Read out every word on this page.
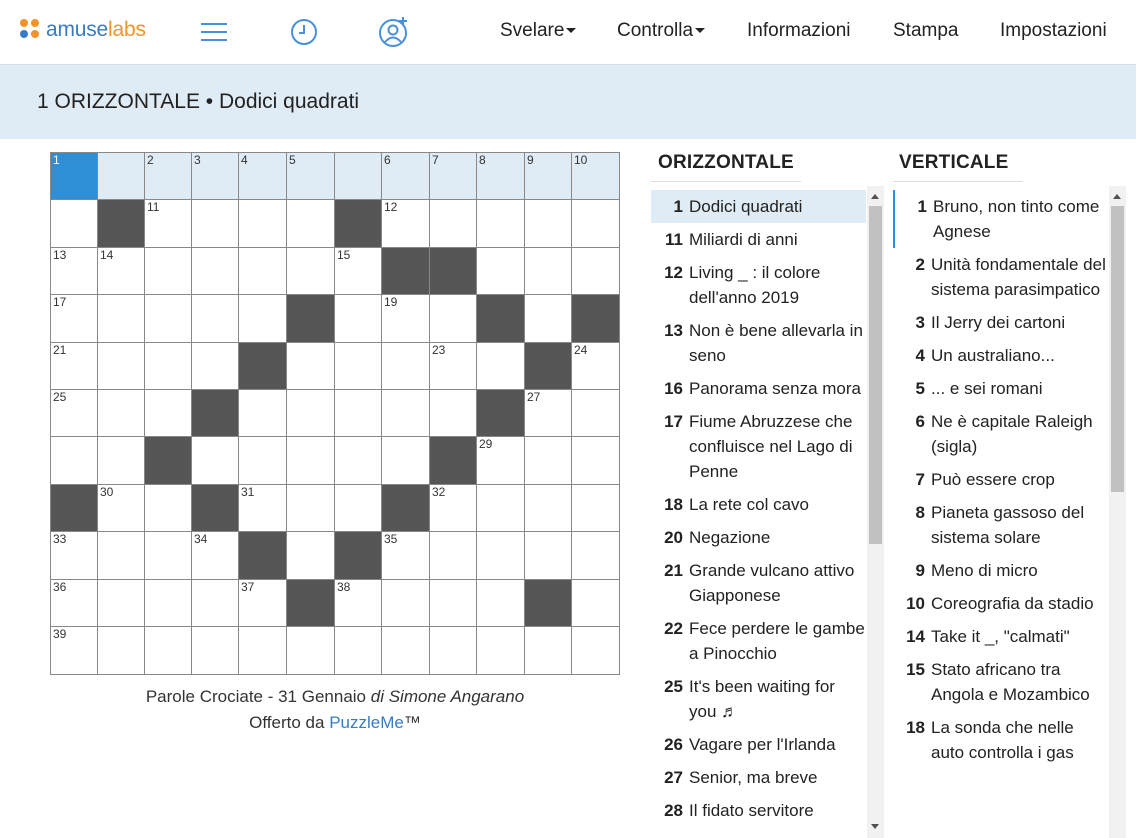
amuselabs	Svelare	Controlla	Informazioni Stampa Impostazioni
1 ORIZZONTALE • Dodici quadrati
1	2	3	4	5	6	7	8	9	10
11	12
13	14	15
17	19
21	23	24
25	27
29
30	31	32
33	34	35
36	37	38
39
Parole Crociate - 31 Gennaio di Simone Angarano
Offerto da PuzzleMe™
ORIZZONTALE
1 Dodici quadrati
11 Miliardi di anni
12 Living _ : il colore dell'anno 2019
13 Non è bene allevarla in seno
16 Panorama senza mora
17 Fiume Abruzzese che confluisce nel Lago di Penne
18 La rete col cavo
20 Negazione
21 Grande vulcano attivo Giapponese
22 Fece perdere le gambe a Pinocchio
25 It's been waiting for you ♬
26 Vagare per l'Irlanda
27 Senior, ma breve
28 Il fidato servitore
VERTICALE
1 Bruno, non tinto come Agnese
2 Unità fondamentale del sistema parasimpatico
3 Il Jerry dei cartoni
4 Un australiano...
5 ... e sei romani
6 Ne è capitale Raleigh (sigla)
7 Può essere crop
8 Pianeta gassoso del sistema solare
9 Meno di micro
10 Coreografia da stadio
14 Take it _, "calmati"
15 Stato africano tra Angola e Mozambico
18 La sonda che nelle auto controlla i gas
